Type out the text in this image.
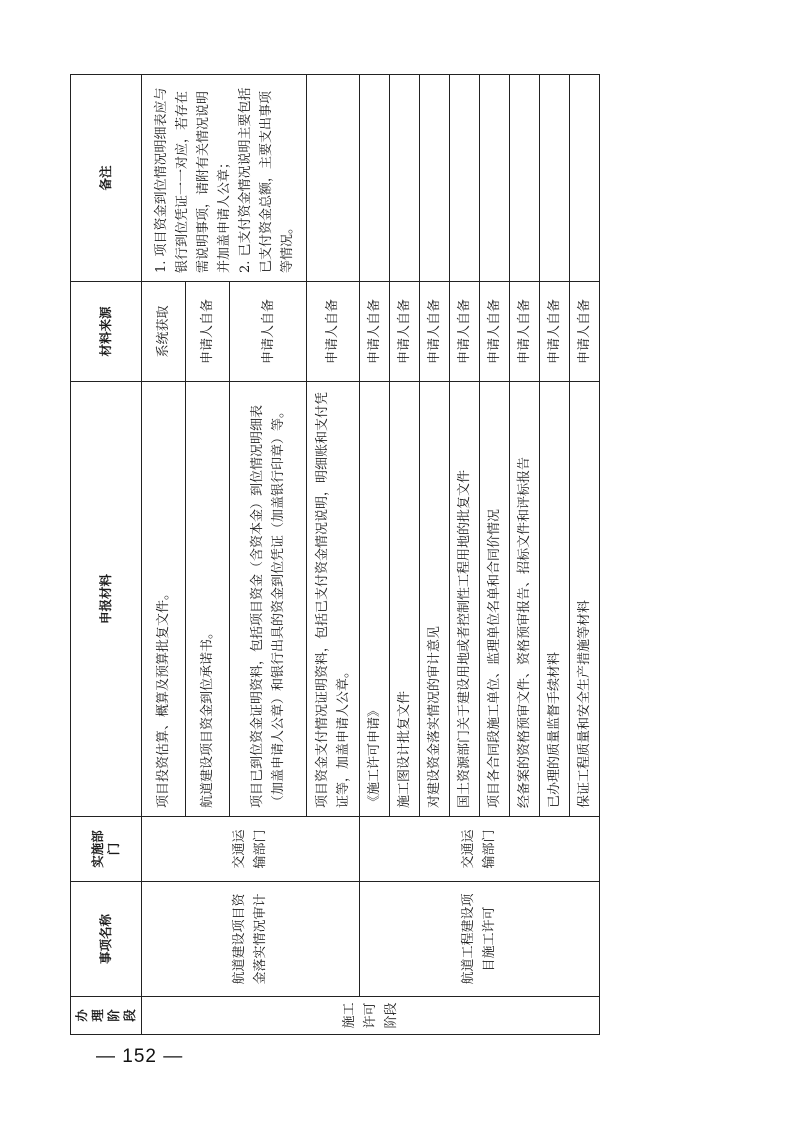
办理阶段	事项名称	实施部门	申报材料	材料来源	备注
施工许可阶段	航道建设项目资金落实情况审计	交通运输部门	项目投资估算、概算及预算批复文件。	系统获取	1. 项目资金到位情况明细表应与银行到位凭证一一对应，若存在需说明事项，请附有关情况说明并加盖申请人公章；
2. 已支付资金情况说明主要包括已支付资金总额，主要支出事项等情况。
			航道建设项目资金到位承诺书。	申请人自备	
			项目已到位资金证明资料，包括项目资金（含资本金）到位情况明细表（加盖申请人公章）和银行出具的资金到位凭证（加盖银行印章）等。	申请人自备	
			项目资金支付情况证明资料，包括已支付资金情况说明，明细账和支付凭证等，加盖申请人公章。	申请人自备	
	航道工程建设项目施工许可	交通运输部门	《施工许可申请》	申请人自备	
			施工图设计批复文件	申请人自备	
			对建设资金落实情况的审计意见	申请人自备	
			国土资源部门关于建设用地或者控制性工程用地的批复文件	申请人自备	
			项目各合同段施工单位、监理单位名单和合同价情况	申请人自备	
			经备案的资格预审文件、资格预审报告、招标文件和评标报告	申请人自备	
			已办理的质量监督手续材料	申请人自备	
			保证工程质量和安全生产措施等材料	申请人自备	
— 152 —
